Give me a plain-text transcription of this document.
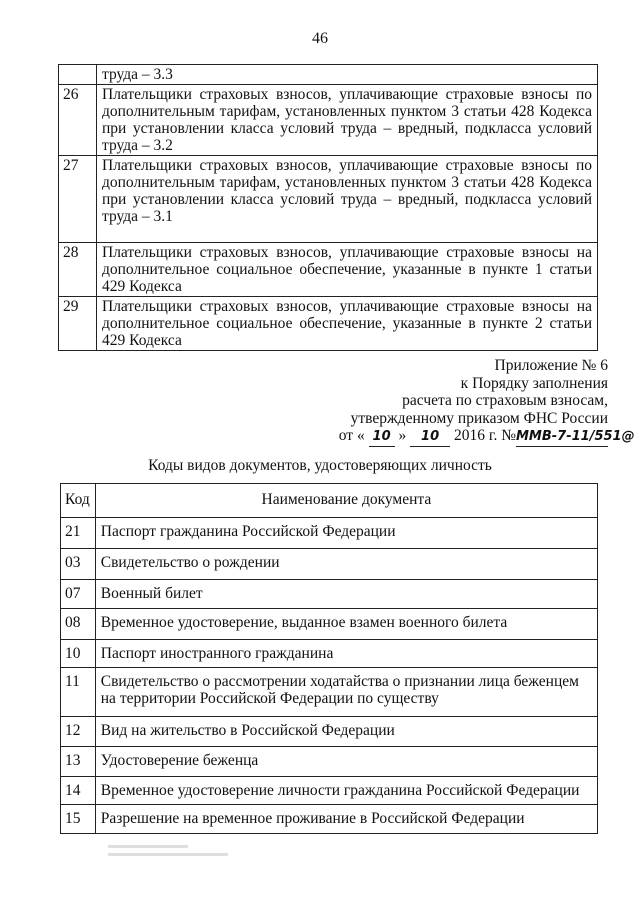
46
	труда – 3.3
26	Плательщики страховых взносов, уплачивающие страховые взносы по дополнительным тарифам, установленных пунктом 3 статьи 428 Кодекса при установлении класса условий труда – вредный, подкласса условий труда – 3.2
27	Плательщики страховых взносов, уплачивающие страховые взносы по дополнительным тарифам, установленных пунктом 3 статьи 428 Кодекса при установлении класса условий труда – вредный, подкласса условий труда – 3.1
28	Плательщики страховых взносов, уплачивающие страховые взносы на дополнительное социальное обеспечение, указанные в пункте 1 статьи 429 Кодекса
29	Плательщики страховых взносов, уплачивающие страховые взносы на дополнительное социальное обеспечение, указанные в пункте 2 статьи 429 Кодекса
Приложение № 6
к Порядку заполнения
расчета по страховым взносам,
утвержденному приказом ФНС России
от « 10 » 10 2016 г. №ММВ-7-11/551@
Коды видов документов, удостоверяющих личность
Код	Наименование документа
21	Паспорт гражданина Российской Федерации
03	Свидетельство о рождении
07	Военный билет
08	Временное удостоверение, выданное взамен военного билета
10	Паспорт иностранного гражданина
11	Свидетельство о рассмотрении ходатайства о признании лица беженцем на территории Российской Федерации по существу
12	Вид на жительство в Российской Федерации
13	Удостоверение беженца
14	Временное удостоверение личности гражданина Российской Федерации
15	Разрешение на временное проживание в Российской Федерации
